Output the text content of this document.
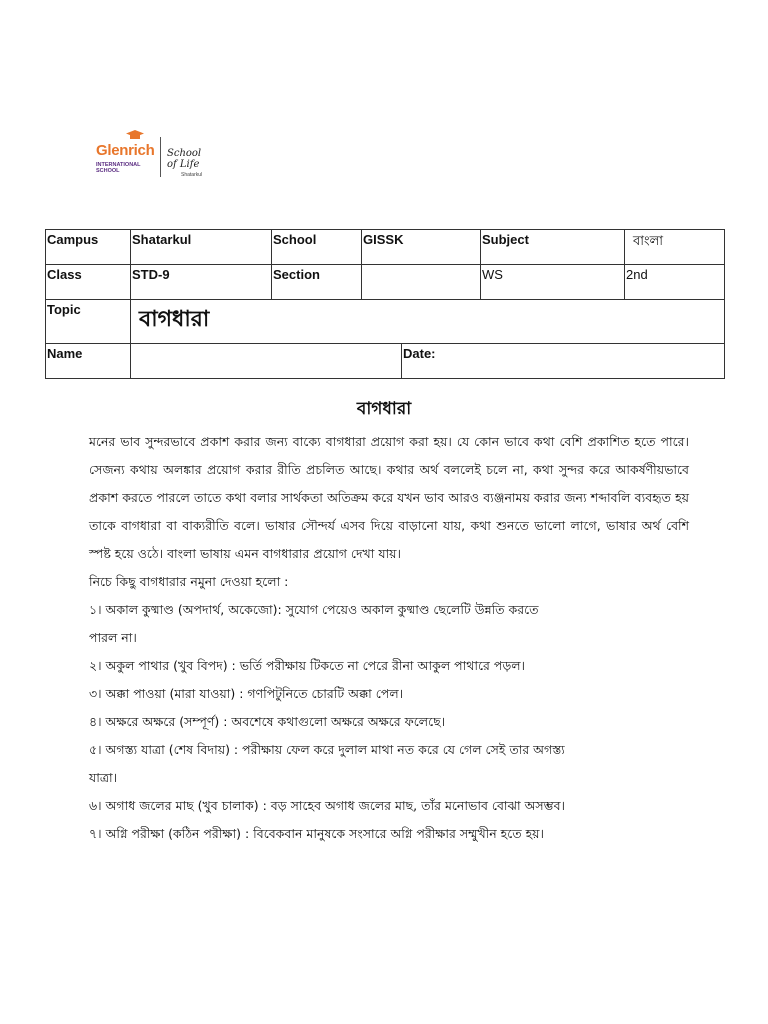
Glenrich
INTERNATIONAL SCHOOL
School of Life
Shatarkul
Campus	Shatarkul	School	GISSK		Subject	বাংলা
Class	STD-9	Section			WS	2nd
Topic	বাগধারা					
Name				Date:		
বাগধারা

মনের ভাব সুন্দরভাবে প্রকাশ করার জন্য বাক্যে বাগধারা প্রয়োগ করা হয়। যে কোন ভাবে কথা বেশি প্রকাশিত হতে পারে। সেজন্য কথায় অলঙ্কার প্রয়োগ করার রীতি প্রচলিত আছে। কথার অর্থ বললেই চলে না, কথা সুন্দর করে আকর্ষণীয়ভাবে প্রকাশ করতে পারলে তাতে কথা বলার সার্থকতা অতিক্রম করে যখন ভাব আরও ব্যঞ্জনাময় করার জন্য শব্দাবলি ব্যবহৃত হয় তাকে বাগধারা বা বাক্যরীতি বলে। ভাষার সৌন্দর্য এসব দিয়ে বাড়ানো যায়, কথা শুনতে ভালো লাগে, ভাষার অর্থ বেশি স্পষ্ট হয়ে ওঠে। বাংলা ভাষায় এমন বাগধারার প্রয়োগ দেখা যায়।

নিচে কিছু বাগধারার নমুনা দেওয়া হলো :

১। অকাল কুষ্মাণ্ড (অপদার্থ, অকেজো): সুযোগ পেয়েও অকাল কুষ্মাণ্ড ছেলেটি উন্নতি করতে পারল না।

২। অকুল পাথার (খুব বিপদ) : ভর্তি পরীক্ষায় টিকতে না পেরে রীনা আকুল পাথারে পড়ল।

৩। অক্কা পাওয়া (মারা যাওয়া) : গণপিটুনিতে চোরটি অক্কা পেল।

৪। অক্ষরে অক্ষরে (সম্পূর্ণ) : অবশেষে কথাগুলো অক্ষরে অক্ষরে ফলেছে।

৫। অগস্ত্য যাত্রা (শেষ বিদায়) : পরীক্ষায় ফেল করে দুলাল মাথা নত করে যে গেল সেই তার অগস্ত্য যাত্রা।

৬। অগাধ জলের মাছ (খুব চালাক) : বড় সাহেব অগাধ জলের মাছ, তাঁর মনোভাব বোঝা অসম্ভব।

৭। অগ্নি পরীক্ষা (কঠিন পরীক্ষা) : বিবেকবান মানুষকে সংসারে অগ্নি পরীক্ষার সম্মুখীন হতে হয়।
